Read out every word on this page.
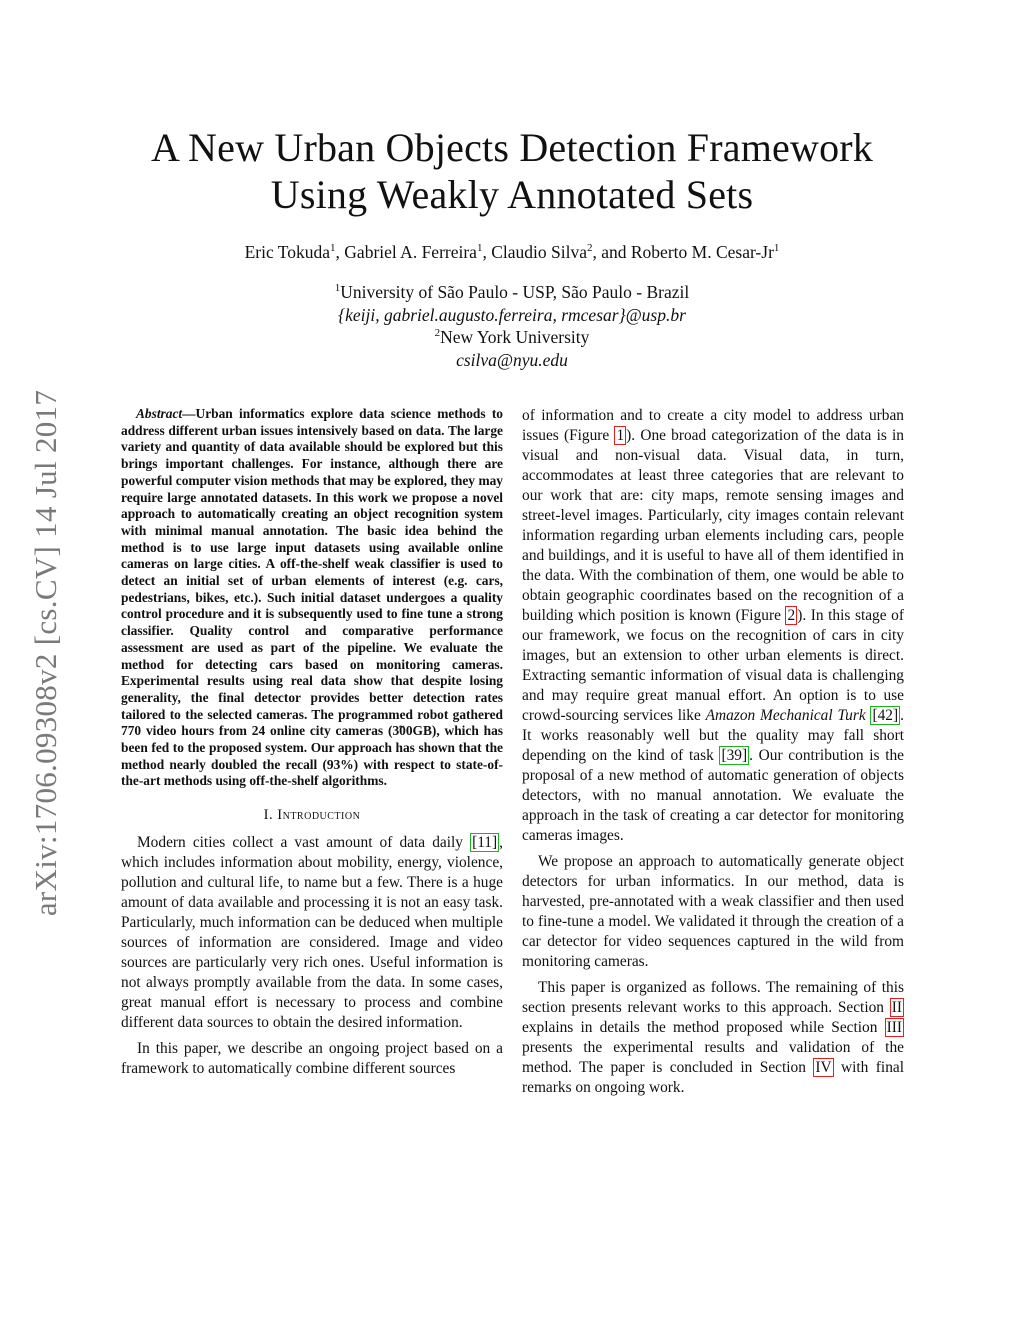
arXiv:1706.09308v2 [cs.CV] 14 Jul 2017
A New Urban Objects Detection Framework
Using Weakly Annotated Sets
Eric Tokuda$^1$, Gabriel A. Ferreira$^1$, Claudio Silva$^2$, and Roberto M. Cesar-Jr$^1$
$^1$University of São Paulo - USP, São Paulo - Brazil
{keiji, gabriel.augusto.ferreira, rmcesar}@usp.br
$^2$New York University
csilva@nyu.edu

Abstract—Urban informatics explore data science methods to address different urban issues intensively based on data. The large variety and quantity of data available should be explored but this brings important challenges. For instance, although there are powerful computer vision methods that may be explored, they may require large annotated datasets. In this work we propose a novel approach to automatically creating an object recognition system with minimal manual annotation. The basic idea behind the method is to use large input datasets using available online cameras on large cities. A off-the-shelf weak classifier is used to detect an initial set of urban elements of interest (e.g. cars, pedestrians, bikes, etc.). Such initial dataset undergoes a quality control procedure and it is subsequently used to fine tune a strong classifier. Quality control and comparative performance assessment are used as part of the pipeline. We evaluate the method for detecting cars based on monitoring cameras. Experimental results using real data show that despite losing generality, the final detector provides better detection rates tailored to the selected cameras. The programmed robot gathered 770 video hours from 24 online city cameras (3̃00GB), which has been fed to the proposed system. Our approach has shown that the method nearly doubled the recall (93%) with respect to state-of-the-art methods using off-the-shelf algorithms.

I. Introduction

Modern cities collect a vast amount of data daily [11] , which includes information about mobility, energy, violence, pollution and cultural life, to name but a few. There is a huge amount of data available and processing it is not an easy task. Particularly, much information can be deduced when multiple sources of information are considered. Image and video sources are particularly very rich ones. Useful information is not always promptly available from the data. In some cases, great manual effort is necessary to process and combine different data sources to obtain the desired information.

In this paper, we describe an ongoing project based on a framework to automatically combine different sources

of information and to create a city model to address urban issues (Figure 1 ). One broad categorization of the data is in visual and non-visual data. Visual data, in turn, accommodates at least three categories that are relevant to our work that are: city maps, remote sensing images and street-level images. Particularly, city images contain relevant information regarding urban elements including cars, people and buildings, and it is useful to have all of them identified in the data. With the combination of them, one would be able to obtain geographic coordinates based on the recognition of a building which position is known (Figure 2 ). In this stage of our framework, we focus on the recognition of cars in city images, but an extension to other urban elements is direct. Extracting semantic information of visual data is challenging and may require great manual effort. An option is to use crowd-sourcing services like Amazon Mechanical Turk [42] . It works reasonably well but the quality may fall short depending on the kind of task [39] . Our contribution is the proposal of a new method of automatic generation of objects detectors, with no manual annotation. We evaluate the approach in the task of creating a car detector for monitoring cameras images.

We propose an approach to automatically generate object detectors for urban informatics. In our method, data is harvested, pre-annotated with a weak classifier and then used to fine-tune a model. We validated it through the creation of a car detector for video sequences captured in the wild from monitoring cameras.

This paper is organized as follows. The remaining of this section presents relevant works to this approach. Section II explains in details the method proposed while Section III presents the experimental results and validation of the method. The paper is concluded in Section IV with final remarks on ongoing work.
